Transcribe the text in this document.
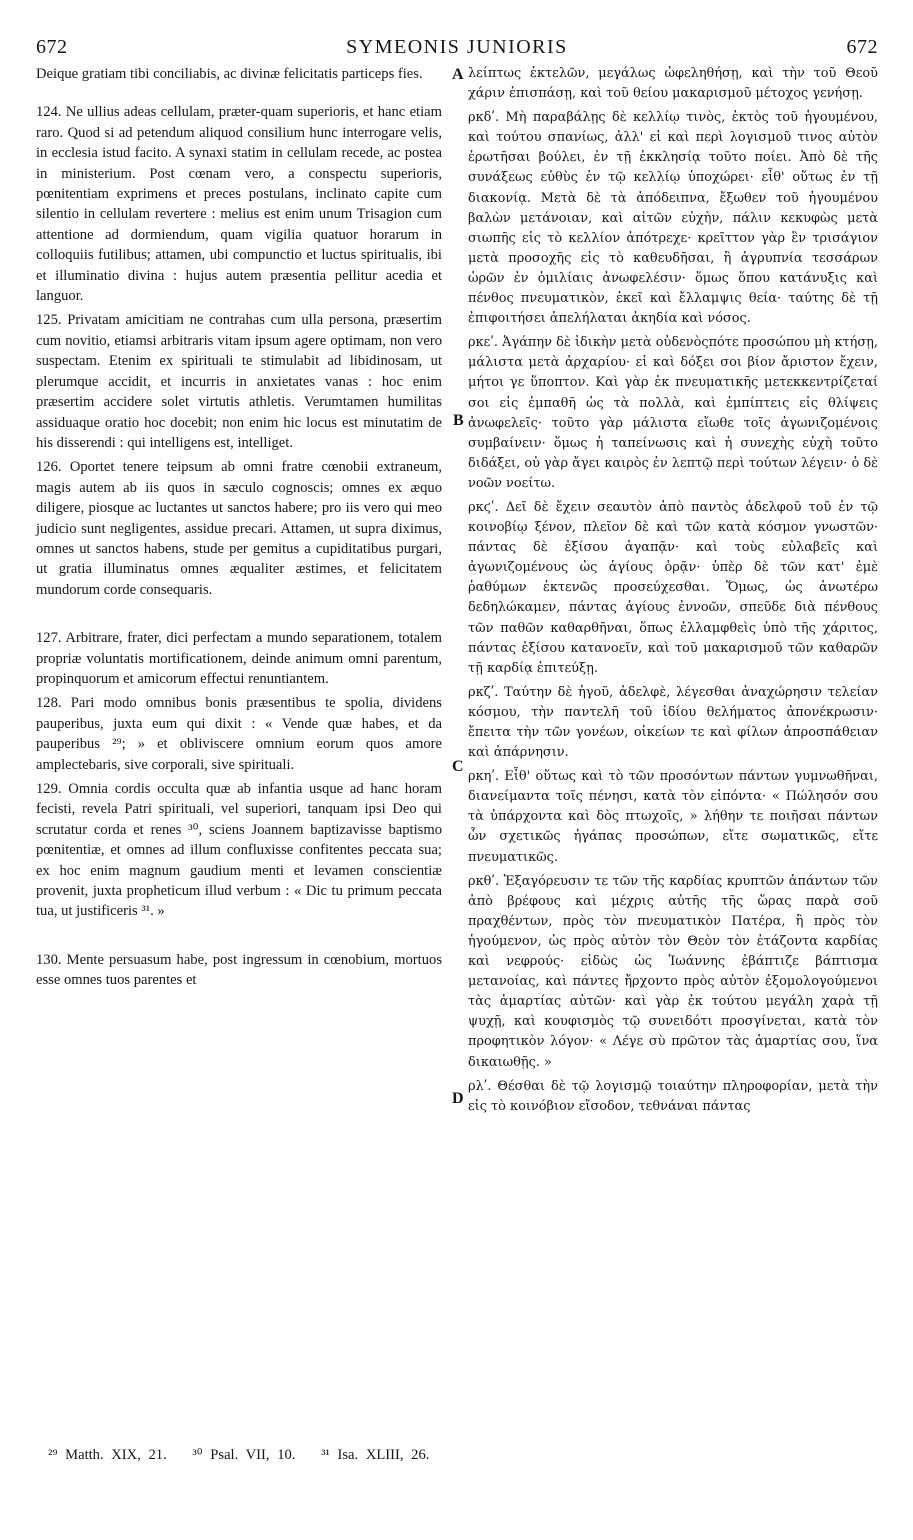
672	SYMEONIS JUNIORIS	672

Deique gratiam tibi conciliabis, ac divinæ felicitatis particeps fies.

124. Ne ullius adeas cellulam, præter-quam superioris, et hanc etiam raro. Quod si ad petendum aliquod consilium hunc interrogare velis, in ecclesia istud facito. A synaxi statim in cellulam recede, ac postea in ministerium. Post cœnam vero, a conspectu superioris, pœnitentiam exprimens et preces postulans, inclinato capite cum silentio in cellulam revertere : melius est enim unum Trisagion cum attentione ad dormiendum, quam vigilia quatuor horarum in colloquiis futilibus; attamen, ubi compunctio et luctus spiritualis, ibi et illuminatio divina : hujus autem præsentia pellitur acedia et languor.

125. Privatam amicitiam ne contrahas cum ulla persona, præsertim cum novitio, etiamsi arbitraris vitam ipsum agere optimam, non vero suspectam. Etenim ex spirituali te stimulabit ad libidinosam, ut plerumque accidit, et incurris in anxietates vanas : hoc enim præsertim accidere solet virtutis athletis. Verumtamen humilitas assiduaque oratio hoc docebit; non enim hic locus est minutatim de his disserendi : qui intelligens est, intelliget.

126. Oportet tenere teipsum ab omni fratre cœnobii extraneum, magis autem ab iis quos in sæculo cognoscis; omnes ex æquo diligere, piosque ac luctantes ut sanctos habere; pro iis vero qui meo judicio sunt negligentes, assidue precari. Attamen, ut supra diximus, omnes ut sanctos habens, stude per gemitus a cupiditatibus purgari, ut gratia illuminatus omnes æqualiter æstimes, et felicitatem mundorum corde consequaris.

127. Arbitrare, frater, dici perfectam a mundo separationem, totalem propriæ voluntatis mortificationem, deinde animum omni parentum, propinquorum et amicorum effectui renuntiantem.

128. Pari modo omnibus bonis præsentibus te spolia, dividens pauperibus, juxta eum qui dixit : « Vende quæ habes, et da pauperibus ²⁹; » et obliviscere omnium eorum quos amore amplectebaris, sive corporali, sive spirituali.

129. Omnia cordis occulta quæ ab infantia usque ad hanc horam fecisti, revela Patri spirituali, vel superiori, tanquam ipsi Deo qui scrutatur corda et renes ³⁰, sciens Joannem baptizavisse baptismo pœnitentiæ, et omnes ad illum confluxisse confitentes peccata sua; ex hoc enim magnum gaudium menti et levamen conscientiæ provenit, juxta propheticum illud verbum : « Dic tu primum peccata tua, ut justificeris ³¹. »

130. Mente persuasum habe, post ingressum in cœnobium, mortuos esse omnes tuos parentes et

A
B
C
D

λείπτως ἐκτελῶν, μεγάλως ὠφεληθήσῃ, καὶ τὴν τοῦ Θεοῦ χάριν ἐπισπάσῃ, καὶ τοῦ θείου μακαρισμοῦ μέτοχος γενήσῃ.

ρκδʹ. Μὴ παραβάλῃς δὲ κελλίῳ τινὸς, ἐκτὸς τοῦ ἡγουμένου, καὶ τούτου σπανίως, ἀλλ' εἰ καὶ περὶ λογισμοῦ τινος αὐτὸν ἐρωτῆσαι βούλει, ἐν τῇ ἐκκλησίᾳ τοῦτο ποίει. Ἀπὸ δὲ τῆς συνάξεως εὐθὺς ἐν τῷ κελλίῳ ὑποχώρει· εἶθ' οὕτως ἐν τῇ διακονίᾳ. Μετὰ δὲ τὰ ἀπόδειπνα, ἔξωθεν τοῦ ἡγουμένου βαλὼν μετάνοιαν, καὶ αἰτῶν εὐχὴν, πάλιν κεκυφὼς μετὰ σιωπῆς εἰς τὸ κελλίον ἀπότρεχε· κρεῖττον γὰρ ἓν τρισάγιον μετὰ προσοχῆς εἰς τὸ καθευδῆσαι, ἢ ἀγρυπνία τεσσάρων ὡρῶν ἐν ὁμιλίαις ἀνωφελέσιν· ὅμως ὅπου κατάνυξις καὶ πένθος πνευματικὸν, ἐκεῖ καὶ ἔλλαμψις θεία· ταύτης δὲ τῇ ἐπιφοιτήσει ἀπελήλαται ἀκηδία καὶ νόσος.

ρκεʹ. Ἀγάπην δὲ ἰδικὴν μετὰ οὐδενὸςπότε προσώπου μὴ κτήσῃ, μάλιστα μετὰ ἀρχαρίου· εἰ καὶ δόξει σοι βίον ἄριστον ἔχειν, μήτοι γε ὕποπτον. Καὶ γὰρ ἐκ πνευματικῆς μετεκκεντρίζεταί σοι εἰς ἐμπαθῆ ὡς τὰ πολλὰ, καὶ ἐμπίπτεις εἰς θλίψεις ἀνωφελεῖς· τοῦτο γὰρ μάλιστα εἴωθε τοῖς ἀγωνιζομένοις συμβαίνειν· ὅμως ἡ ταπείνωσις καὶ ἡ συνεχὴς εὐχὴ τοῦτο διδάξει, οὐ γὰρ ἄγει καιρὸς ἐν λεπτῷ περὶ τούτων λέγειν· ὁ δὲ νοῶν νοείτω.

ρκϛʹ. Δεῖ δὲ ἔχειν σεαυτὸν ἀπὸ παντὸς ἀδελφοῦ τοῦ ἐν τῷ κοινοβίῳ ξένον, πλεῖον δὲ καὶ τῶν κατὰ κόσμον γνωστῶν· πάντας δὲ ἐξίσου ἀγαπᾷν· καὶ τοὺς εὐλαβεῖς καὶ ἀγωνιζομένους ὡς ἁγίους ὁρᾷν· ὑπὲρ δὲ τῶν κατ' ἐμὲ ῥαθύμων ἐκτενῶς προσεύχεσθαι. Ὅμως, ὡς ἀνωτέρω δεδηλώκαμεν, πάντας ἁγίους ἐννοῶν, σπεῦδε διὰ πένθους τῶν παθῶν καθαρθῆναι, ὅπως ἐλλαμφθεὶς ὑπὸ τῆς χάριτος, πάντας ἐξίσου κατανοεῖν, καὶ τοῦ μακαρισμοῦ τῶν καθαρῶν τῇ καρδίᾳ ἐπιτεύξῃ.

ρκζʹ. Ταύτην δὲ ἡγοῦ, ἀδελφὲ, λέγεσθαι ἀναχώρησιν τελείαν κόσμου, τὴν παντελῆ τοῦ ἰδίου θελήματος ἀπονέκρωσιν· ἔπειτα τὴν τῶν γονέων, οἰκείων τε καὶ φίλων ἀπροσπάθειαν καὶ ἀπάρνησιν.

ρκηʹ. Εἶθ' οὕτως καὶ τὸ τῶν προσόντων πάντων γυμνωθῆναι, διανείμαντα τοῖς πένησι, κατὰ τὸν εἰπόντα· « Πώλησόν σου τὰ ὑπάρχοντα καὶ δὸς πτωχοῖς, » λήθην τε ποιῆσαι πάντων ὧν σχετικῶς ἠγάπας προσώπων, εἴτε σωματικῶς, εἴτε πνευματικῶς.

ρκθʹ. Ἐξαγόρευσιν τε τῶν τῆς καρδίας κρυπτῶν ἁπάντων τῶν ἀπὸ βρέφους καὶ μέχρις αὐτῆς τῆς ὥρας παρὰ σοῦ πραχθέντων, πρὸς τὸν πνευματικὸν Πατέρα, ἢ πρὸς τὸν ἡγούμενον, ὡς πρὸς αὐτὸν τὸν Θεὸν τὸν ἐτάζοντα καρδίας καὶ νεφρούς· εἰδὼς ὡς Ἰωάννης ἐβάπτιζε βάπτισμα μετανοίας, καὶ πάντες ἤρχοντο πρὸς αὐτὸν ἐξομολογούμενοι τὰς ἁμαρτίας αὐτῶν· καὶ γὰρ ἐκ τούτου μεγάλη χαρὰ τῇ ψυχῇ, καὶ κουφισμὸς τῷ συνειδότι προσγίνεται, κατὰ τὸν προφητικὸν λόγον· « Λέγε σὺ πρῶτον τὰς ἁμαρτίας σου, ἵνα δικαιωθῇς. »

ρλʹ. Θέσθαι δὲ τῷ λογισμῷ τοιαύτην πληροφορίαν, μετὰ τὴν εἰς τὸ κοινόβιον εἴσοδον, τεθνάναι πάντας

²⁹ Matth. XIX, 21. ³⁰ Psal. VII, 10. ³¹ Isa. XLIII, 26.
